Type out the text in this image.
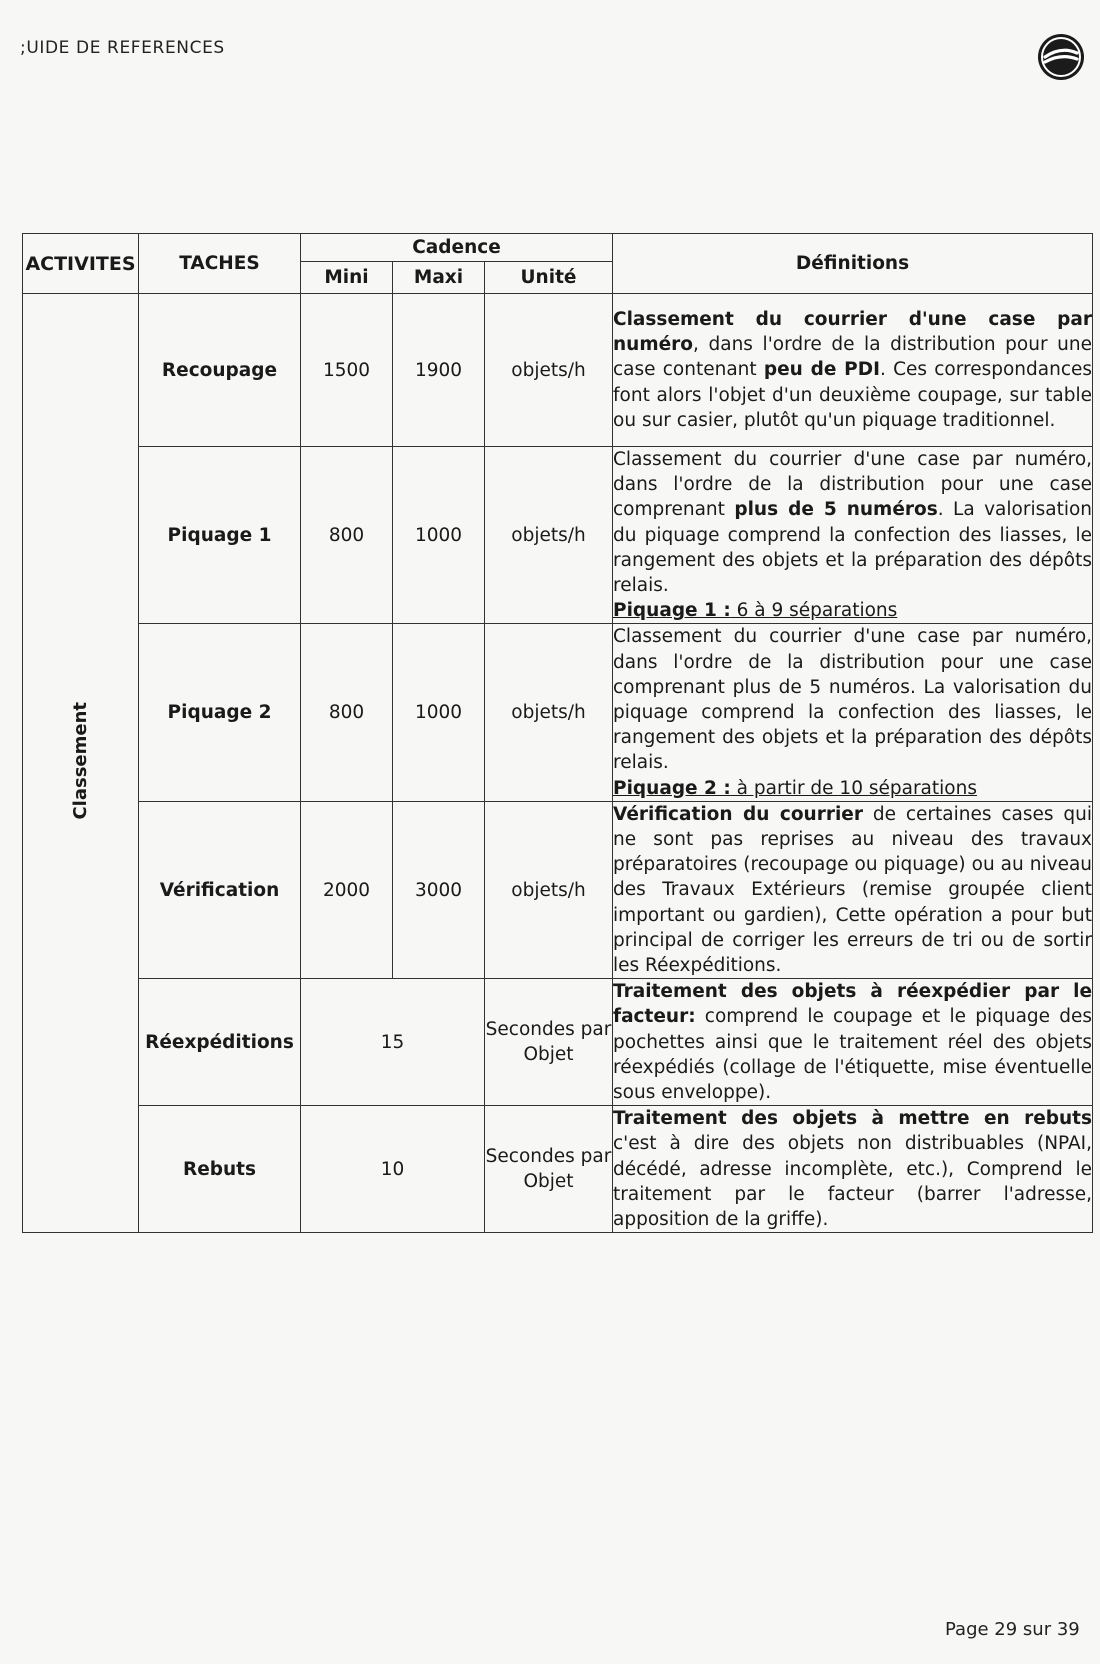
;UIDE DE REFERENCES
ACTIVITES	TACHES	Cadence			Définitions
		Mini	Maxi	Unité	
Classement	Recoupage	1500	1900	objets/h	Classement du courrier d'une case par numéro, dans l'ordre de la distribution pour une case contenant peu de PDI. Ces correspondances font alors l'objet d'un deuxième coupage, sur table ou sur casier, plutôt qu'un piquage traditionnel.
	Piquage 1	800	1000	objets/h	Classement du courrier d'une case par numéro, dans l'ordre de la distribution pour une case comprenant plus de 5 numéros. La valorisation du piquage comprend la confection des liasses, le rangement des objets et la préparation des dépôts relais.
Piquage 1 : 6 à 9 séparations
	Piquage 2	800	1000	objets/h	Classement du courrier d'une case par numéro, dans l'ordre de la distribution pour une case comprenant plus de 5 numéros. La valorisation du piquage comprend la confection des liasses, le rangement des objets et la préparation des dépôts relais.
Piquage 2 : à partir de 10 séparations
	Vérification	2000	3000	objets/h	Vérification du courrier de certaines cases qui ne sont pas reprises au niveau des travaux préparatoires (recoupage ou piquage) ou au niveau des Travaux Extérieurs (remise groupée client important ou gardien), Cette opération a pour but principal de corriger les erreurs de tri ou de sortir les Réexpéditions.
	Réexpéditions	15		Secondes par Objet	Traitement des objets à réexpédier par le facteur: comprend le coupage et le piquage des pochettes ainsi que le traitement réel des objets réexpédiés (collage de l'étiquette, mise éventuelle sous enveloppe).
	Rebuts	10		Secondes par Objet	Traitement des objets à mettre en rebuts c'est à dire des objets non distribuables (NPAI, décédé, adresse incomplète, etc.), Comprend le traitement par le facteur (barrer l'adresse, apposition de la griffe).
Page 29 sur 39
